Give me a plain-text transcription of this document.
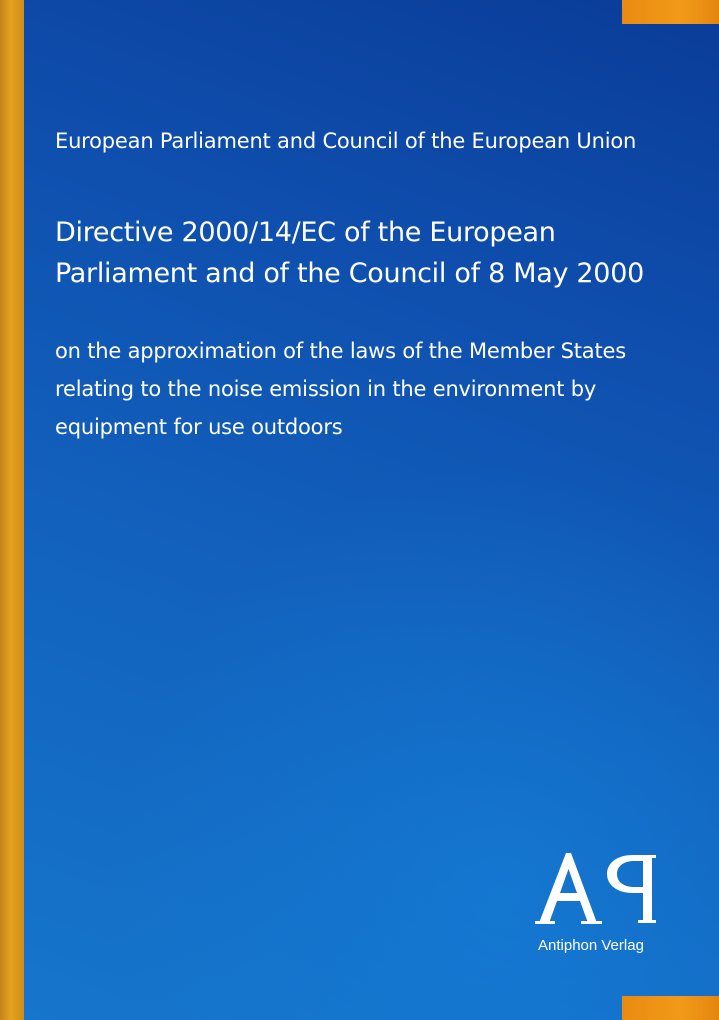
European Parliament and Council of the European Union
Directive 2000/14/EC of the European Parliament and of the Council of 8 May 2000
on the approximation of the laws of the Member States relating to the noise emission in the environment by equipment for use outdoors
Antiphon Verlag
